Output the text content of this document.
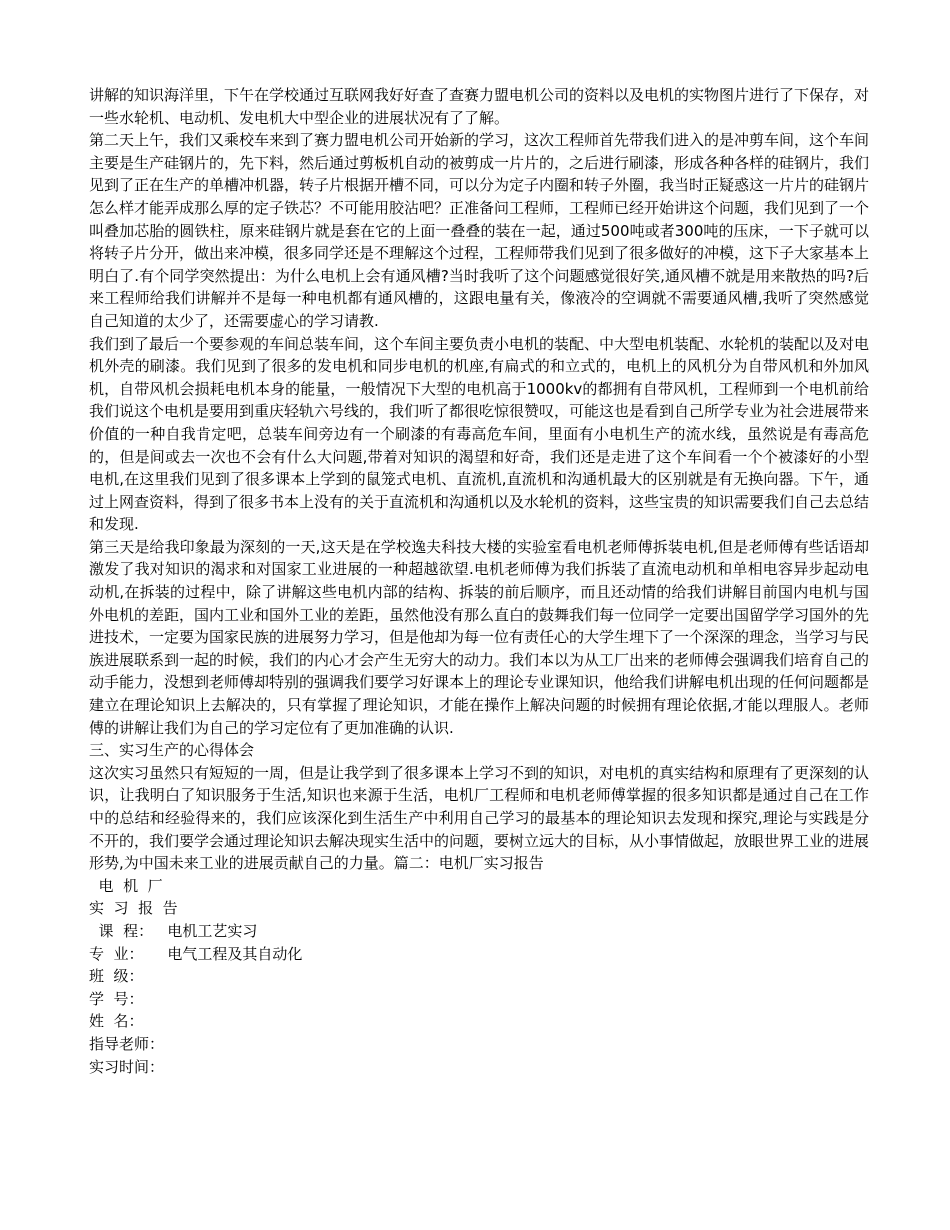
讲解的知识海洋里，下午在学校通过互联网我好好查了查赛力盟电机公司的资料以及电机的实物图片进行了下保存，对一些水轮机、电动机、发电机大中型企业的进展状况有了了解。

第二天上午，我们又乘校车来到了赛力盟电机公司开始新的学习，这次工程师首先带我们进入的是冲剪车间，这个车间主要是生产硅钢片的，先下料，然后通过剪板机自动的被剪成一片片的，之后进行刷漆，形成各种各样的硅钢片，我们见到了正在生产的单槽冲机器，转子片根据开槽不同，可以分为定子内圈和转子外圈，我当时正疑惑这一片片的硅钢片怎么样才能弄成那么厚的定子铁芯？不可能用胶沾吧？正准备问工程师，工程师已经开始讲这个问题，我们见到了一个叫叠加芯胎的圆铁柱，原来硅钢片就是套在它的上面一叠叠的装在一起，通过500吨或者300吨的压床，一下子就可以将转子片分开，做出来冲模，很多同学还是不理解这个过程，工程师带我们见到了很多做好的冲模，这下子大家基本上明白了.有个同学突然提出：为什么电机上会有通风槽?当时我听了这个问题感觉很好笑,通风槽不就是用来散热的吗?后来工程师给我们讲解并不是每一种电机都有通风槽的，这跟电量有关，像液冷的空调就不需要通风槽,我听了突然感觉自己知道的太少了，还需要虚心的学习请教.

我们到了最后一个要参观的车间总装车间，这个车间主要负责小电机的装配、中大型电机装配、水轮机的装配以及对电机外壳的刷漆。我们见到了很多的发电机和同步电机的机座,有扁式的和立式的，电机上的风机分为自带风机和外加风机，自带风机会损耗电机本身的能量，一般情况下大型的电机高于1000kv的都拥有自带风机，工程师到一个电机前给我们说这个电机是要用到重庆轻轨六号线的，我们听了都很吃惊很赞叹，可能这也是看到自己所学专业为社会进展带来价值的一种自我肯定吧，总装车间旁边有一个刷漆的有毒高危车间，里面有小电机生产的流水线，虽然说是有毒高危的，但是间或去一次也不会有什么大问题,带着对知识的渴望和好奇，我们还是走进了这个车间看一个个被漆好的小型电机,在这里我们见到了很多课本上学到的鼠笼式电机、直流机,直流机和沟通机最大的区别就是有无换向器。下午，通过上网查资料，得到了很多书本上没有的关于直流机和沟通机以及水轮机的资料，这些宝贵的知识需要我们自己去总结和发现.

第三天是给我印象最为深刻的一天,这天是在学校逸夫科技大楼的实验室看电机老师傅拆装电机,但是老师傅有些话语却激发了我对知识的渴求和对国家工业进展的一种超越欲望.电机老师傅为我们拆装了直流电动机和单相电容异步起动电动机,在拆装的过程中，除了讲解这些电机内部的结构、拆装的前后顺序，而且还动情的给我们讲解目前国内电机与国外电机的差距，国内工业和国外工业的差距，虽然他没有那么直白的鼓舞我们每一位同学一定要出国留学学习国外的先进技术，一定要为国家民族的进展努力学习，但是他却为每一位有责任心的大学生埋下了一个深深的理念，当学习与民族进展联系到一起的时候，我们的内心才会产生无穷大的动力。我们本以为从工厂出来的老师傅会强调我们培育自己的动手能力，没想到老师傅却特别的强调我们要学习好课本上的理论专业课知识，他给我们讲解电机出现的任何问题都是建立在理论知识上去解决的，只有掌握了理论知识，才能在操作上解决问题的时候拥有理论依据,才能以理服人。老师傅的讲解让我们为自己的学习定位有了更加准确的认识.

三、实习生产的心得体会

这次实习虽然只有短短的一周，但是让我学到了很多课本上学习不到的知识，对电机的真实结构和原理有了更深刻的认识，让我明白了知识服务于生活,知识也来源于生活，电机厂工程师和电机老师傅掌握的很多知识都是通过自己在工作中的总结和经验得来的，我们应该深化到生活生产中利用自己学习的最基本的理论知识去发现和探究,理论与实践是分不开的，我们要学会通过理论知识去解决现实生活中的问题，要树立远大的目标，从小事情做起，放眼世界工业的进展形势,为中国未来工业的进展贡献自己的力量。篇二：电机厂实习报告

电  机  厂

实  习  报  告

课  程：   电机工艺实习

专  业：     电气工程及其自动化

班  级：

学  号：

姓  名：

指导老师：

实习时间：
